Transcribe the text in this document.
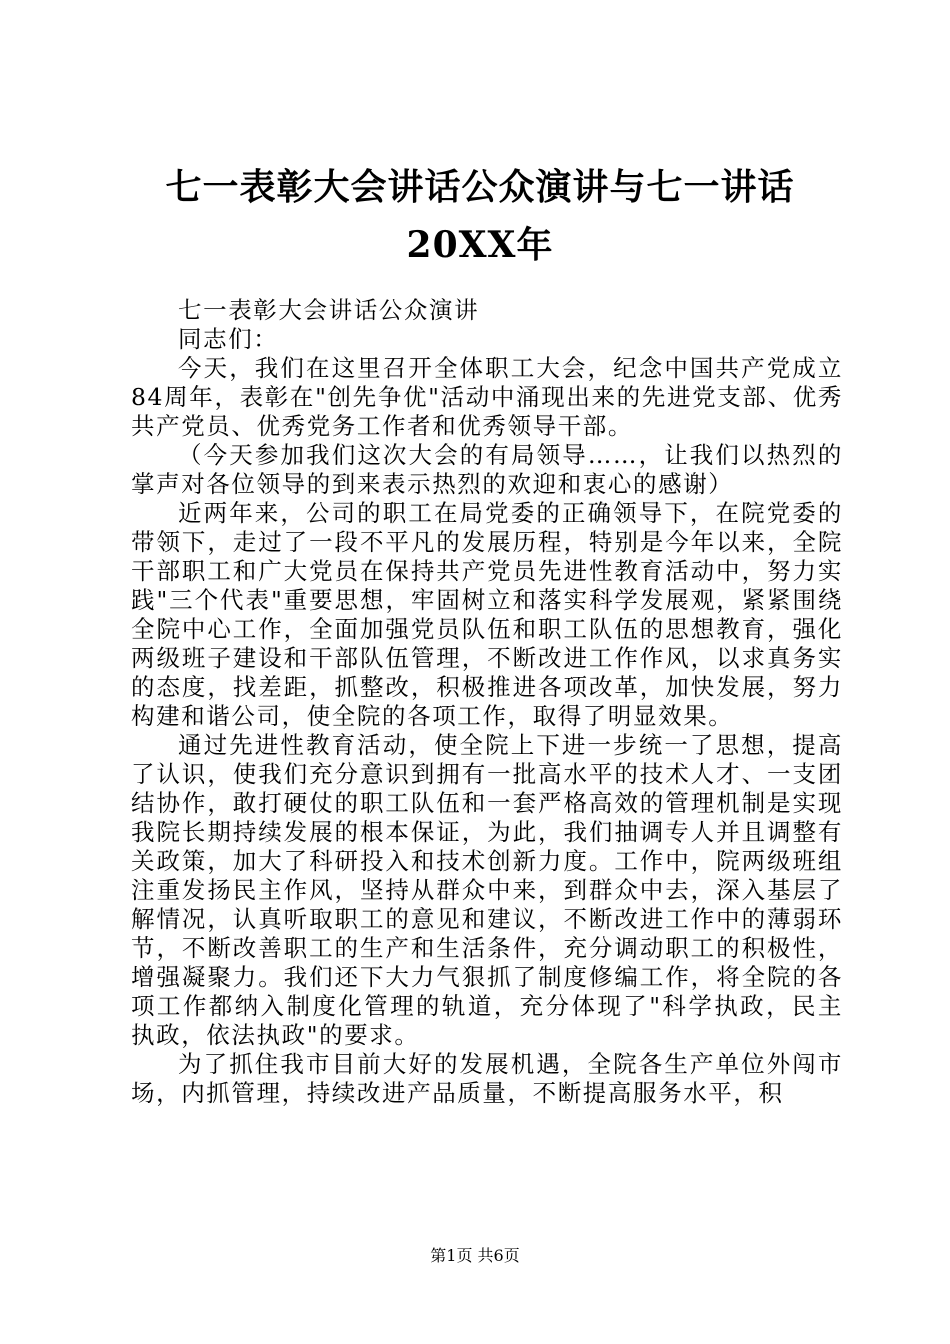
七一表彰大会讲话公众演讲与七一讲话20XX年

七一表彰大会讲话公众演讲

同志们：

今天，我们在这里召开全体职工大会，纪念中国共产党成立84周年，表彰在"创先争优"活动中涌现出来的先进党支部、优秀共产党员、优秀党务工作者和优秀领导干部。

（今天参加我们这次大会的有局领导……，让我们以热烈的掌声对各位领导的到来表示热烈的欢迎和衷心的感谢）

近两年来，公司的职工在局党委的正确领导下，在院党委的带领下，走过了一段不平凡的发展历程，特别是今年以来，全院干部职工和广大党员在保持共产党员先进性教育活动中，努力实践"三个代表"重要思想，牢固树立和落实科学发展观，紧紧围绕全院中心工作，全面加强党员队伍和职工队伍的思想教育，强化两级班子建设和干部队伍管理，不断改进工作作风，以求真务实的态度，找差距，抓整改，积极推进各项改革，加快发展，努力构建和谐公司，使全院的各项工作，取得了明显效果。

通过先进性教育活动，使全院上下进一步统一了思想，提高了认识，使我们充分意识到拥有一批高水平的技术人才、一支团结协作，敢打硬仗的职工队伍和一套严格高效的管理机制是实现我院长期持续发展的根本保证，为此，我们抽调专人并且调整有关政策，加大了科研投入和技术创新力度。工作中，院两级班组注重发扬民主作风，坚持从群众中来，到群众中去，深入基层了解情况，认真听取职工的意见和建议，不断改进工作中的薄弱环节，不断改善职工的生产和生活条件，充分调动职工的积极性，增强凝聚力。我们还下大力气狠抓了制度修编工作，将全院的各项工作都纳入制度化管理的轨道，充分体现了"科学执政，民主执政，依法执政"的要求。

为了抓住我市目前大好的发展机遇，全院各生产单位外闯市场，内抓管理，持续改进产品质量，不断提高服务水平，积

第1页 共6页
